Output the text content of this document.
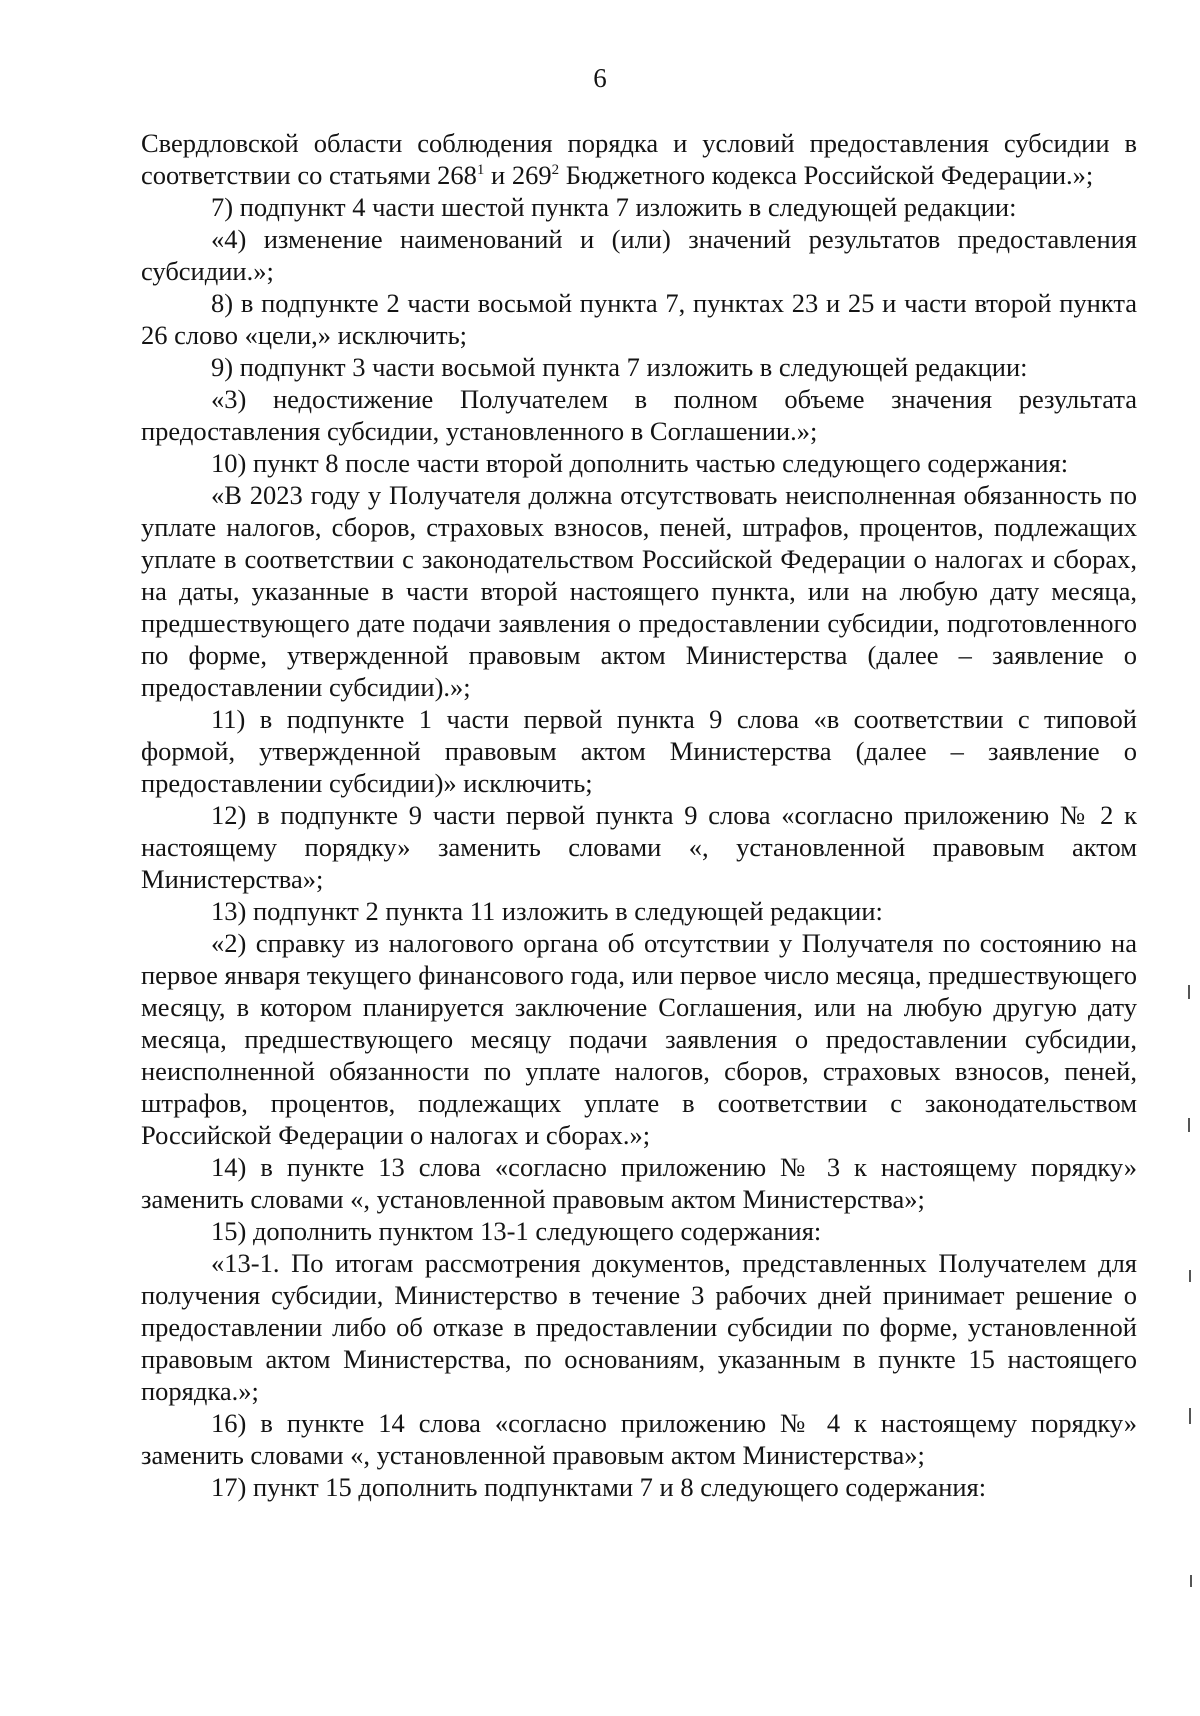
6

Свердловской области соблюдения порядка и условий предоставления субсидии в соответствии со статьями $268^1$ и $269^2$ Бюджетного кодекса Российской Федерации.»;

7) подпункт 4 части шестой пункта 7 изложить в следующей редакции:

«4) изменение наименований и (или) значений результатов предоставления субсидии.»;

8) в подпункте 2 части восьмой пункта 7, пунктах 23 и 25 и части второй пункта 26 слово «цели,» исключить;

9) подпункт 3 части восьмой пункта 7 изложить в следующей редакции:

«3) недостижение Получателем в полном объеме значения результата предоставления субсидии, установленного в Соглашении.»;

10) пункт 8 после части второй дополнить частью следующего содержания:

«В 2023 году у Получателя должна отсутствовать неисполненная обязанность по уплате налогов, сборов, страховых взносов, пеней, штрафов, процентов, подлежащих уплате в соответствии с законодательством Российской Федерации о налогах и сборах, на даты, указанные в части второй настоящего пункта, или на любую дату месяца, предшествующего дате подачи заявления о предоставлении субсидии, подготовленного по форме, утвержденной правовым актом Министерства (далее – заявление о предоставлении субсидии).»;

11) в подпункте 1 части первой пункта 9 слова «в соответствии с типовой формой, утвержденной правовым актом Министерства (далее – заявление о предоставлении субсидии)» исключить;

12) в подпункте 9 части первой пункта 9 слова «согласно приложению № 2 к настоящему порядку» заменить словами «, установленной правовым актом Министерства»;

13) подпункт 2 пункта 11 изложить в следующей редакции:

«2) справку из налогового органа об отсутствии у Получателя по состоянию на первое января текущего финансового года, или первое число месяца, предшествующего месяцу, в котором планируется заключение Соглашения, или на любую другую дату месяца, предшествующего месяцу подачи заявления о предоставлении субсидии, неисполненной обязанности по уплате налогов, сборов, страховых взносов, пеней, штрафов, процентов, подлежащих уплате в соответствии с законодательством Российской Федерации о налогах и сборах.»;

14) в пункте 13 слова «согласно приложению № 3 к настоящему порядку» заменить словами «, установленной правовым актом Министерства»;

15) дополнить пунктом 13-1 следующего содержания:

«13-1. По итогам рассмотрения документов, представленных Получателем для получения субсидии, Министерство в течение 3 рабочих дней принимает решение о предоставлении либо об отказе в предоставлении субсидии по форме, установленной правовым актом Министерства, по основаниям, указанным в пункте 15 настоящего порядка.»;

16) в пункте 14 слова «согласно приложению № 4 к настоящему порядку» заменить словами «, установленной правовым актом Министерства»;

17) пункт 15 дополнить подпунктами 7 и 8 следующего содержания:
